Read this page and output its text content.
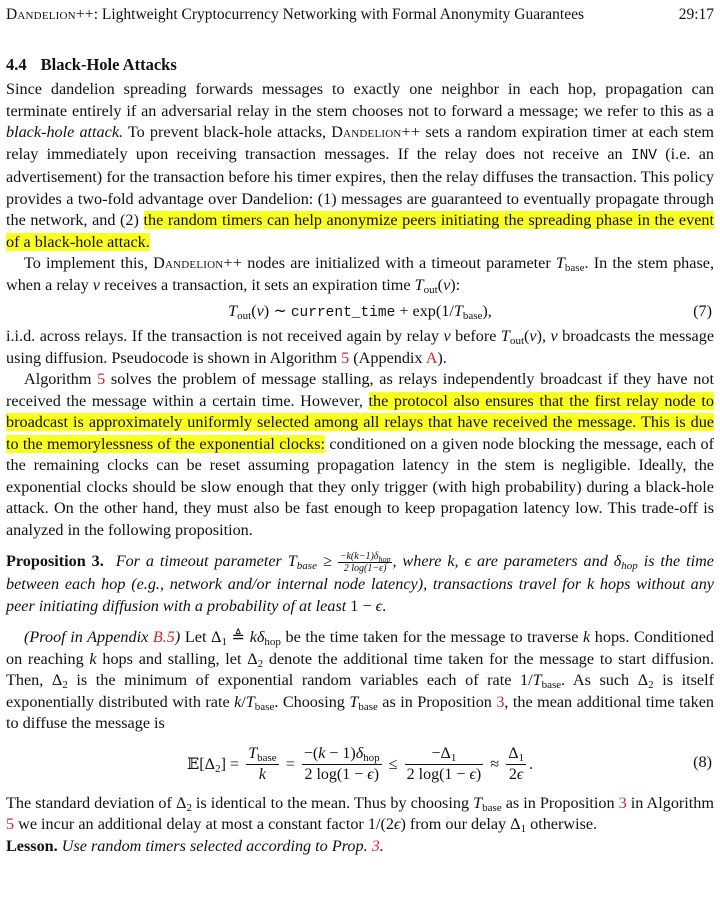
Dandelion++: Lightweight Cryptocurrency Networking with Formal Anonymity Guarantees	29:17
4.4 Black-Hole Attacks

Since dandelion spreading forwards messages to exactly one neighbor in each hop, propagation can terminate entirely if an adversarial relay in the stem chooses not to forward a message; we refer to this as a black-hole attack. To prevent black-hole attacks, Dandelion++ sets a random expiration timer at each stem relay immediately upon receiving transaction messages. If the relay does not receive an INV (i.e. an advertisement) for the transaction before his timer expires, then the relay diffuses the transaction. This policy provides a two-fold advantage over Dandelion: (1) messages are guaranteed to eventually propagate through the network, and (2) the random timers can help anonymize peers initiating the spreading phase in the event of a black-hole attack.

To implement this, Dandelion++ nodes are initialized with a timeout parameter $T_{base}$. In the stem phase, when a relay v receives a transaction, it sets an expiration time $T_{out}(v)$:

$T_{out}(v)$ ∼ current_time + $\exp(1/T_{base})$,	(7)

i.i.d. across relays. If the transaction is not received again by relay v before $T_{out}(v)$, v broadcasts the message using diffusion. Pseudocode is shown in Algorithm 5 (Appendix A).

Algorithm 5 solves the problem of message stalling, as relays independently broadcast if they have not received the message within a certain time. However, the protocol also ensures that the first relay node to broadcast is approximately uniformly selected among all relays that have received the message. This is due to the memorylessness of the exponential clocks: conditioned on a given node blocking the message, each of the remaining clocks can be reset assuming propagation latency in the stem is negligible. Ideally, the exponential clocks should be slow enough that they only trigger (with high probability) during a black-hole attack. On the other hand, they must also be fast enough to keep propagation latency low. This trade-off is analyzed in the following proposition.

Proposition 3. For a timeout parameter $T_{base} \ge \frac{-k(k-1)\delta_{hop}}{2 \log(1-\epsilon)}$ , where k, ϵ are parameters and $\delta_{hop}$ is the time between each hop (e.g., network and/or internal node latency), transactions travel for k hops without any peer initiating diffusion with a probability of at least 1 − ϵ.

(Proof in Appendix B.5) Let $\Delta_1$ ≜ $k\delta_{hop}$ be the time taken for the message to traverse k hops. Conditioned on reaching k hops and stalling, let $\Delta_2$ denote the additional time taken for the message to start diffusion. Then, $\Delta_2$ is the minimum of exponential random variables each of rate $1/T_{base}$. As such $\Delta_2$ is itself exponentially distributed with rate $k/T_{base}$. Choosing $T_{base}$ as in Proposition 3, the mean additional time taken to diffuse the message is

$𝔼[\Delta_2] = \frac{T_{base}}{k} = \frac{-(k - 1)\delta_{hop}}{2 \log(1 - \epsilon)} \le \frac{-\Delta_1}{2 \log(1 - \epsilon)} \approx \frac{\Delta_1}{2\epsilon}$ .	(8)

The standard deviation of $\Delta_2$ is identical to the mean. Thus by choosing $T_{base}$ as in Proposition 3 in Algorithm 5 we incur an additional delay at most a constant factor 1/(2ϵ) from our delay $\Delta_1$ otherwise.

Lesson. Use random timers selected according to Prop. 3.
